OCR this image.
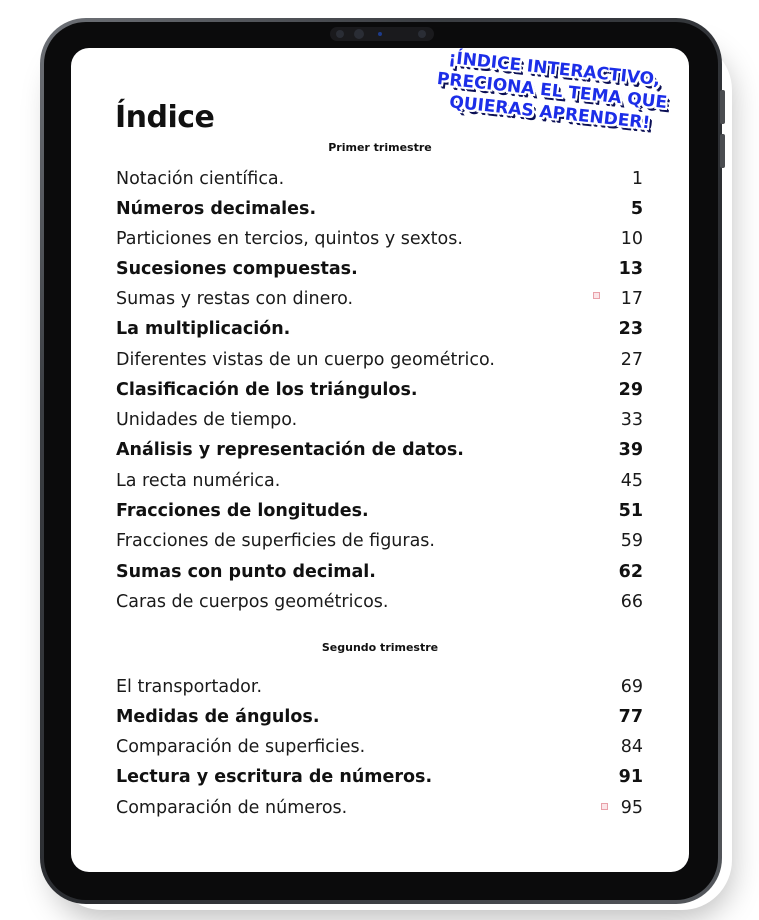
Índice
¡ÍNDICE INTERACTIVO, PRECIONA EL TEMA QUE QUIERAS APRENDER!
Primer trimestre
Segundo trimestre
Notación científica.	1
Números decimales.	5
Particiones en tercios, quintos y sextos.	10
Sucesiones compuestas.	13
Sumas y restas con dinero.	17
La multiplicación.	23
Diferentes vistas de un cuerpo geométrico.	27
Clasificación de los triángulos.	29
Unidades de tiempo.	33
Análisis y representación de datos.	39
La recta numérica.	45
Fracciones de longitudes.	51
Fracciones de superficies de figuras.	59
Sumas con punto decimal.	62
Caras de cuerpos geométricos.	66
El transportador.	69
Medidas de ángulos.	77
Comparación de superficies.	84
Lectura y escritura de números.	91
Comparación de números.	95
